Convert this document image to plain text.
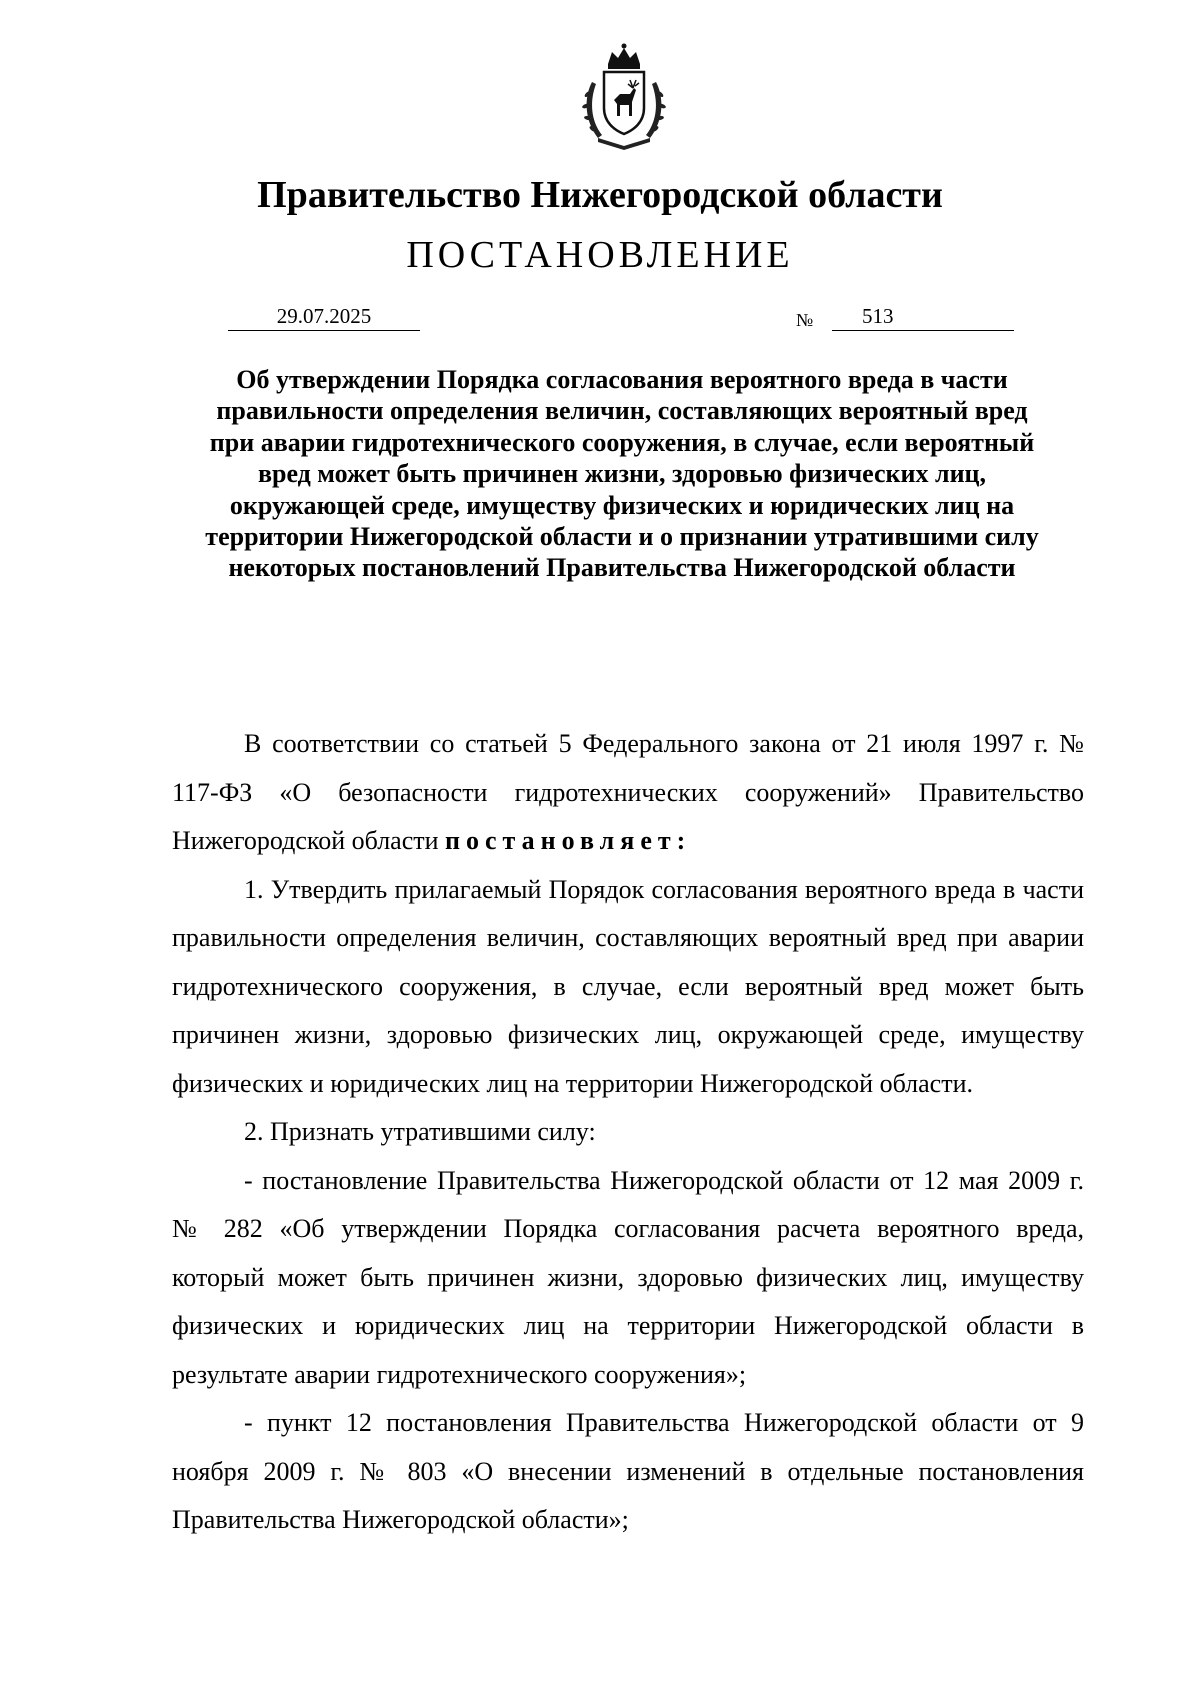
Правительство Нижегородской области
ПОСТАНОВЛЕНИЕ
29.07.2025	№	513
Об утверждении Порядка согласования вероятного вреда в части правильности определения величин, составляющих вероятный вред при аварии гидротехнического сооружения, в случае, если вероятный вред может быть причинен жизни, здоровью физических лиц, окружающей среде, имуществу физических и юридических лиц на территории Нижегородской области и о признании утратившими силу некоторых постановлений Правительства Нижегородской области

В соответствии со статьей 5 Федерального закона от 21 июля 1997 г. № 117-ФЗ «О безопасности гидротехнических сооружений» Правительство Нижегородской области постановляет:

1. Утвердить прилагаемый Порядок согласования вероятного вреда в части правильности определения величин, составляющих вероятный вред при аварии гидротехнического сооружения, в случае, если вероятный вред может быть причинен жизни, здоровью физических лиц, окружающей среде, имуществу физических и юридических лиц на территории Нижегородской области.

2. Признать утратившими силу:

- постановление Правительства Нижегородской области от 12 мая 2009 г. № 282 «Об утверждении Порядка согласования расчета вероятного вреда, который может быть причинен жизни, здоровью физических лиц, имуществу физических и юридических лиц на территории Нижегородской области в результате аварии гидротехнического сооружения»;

- пункт 12 постановления Правительства Нижегородской области от 9 ноября 2009 г. № 803 «О внесении изменений в отдельные постановления Правительства Нижегородской области»;
